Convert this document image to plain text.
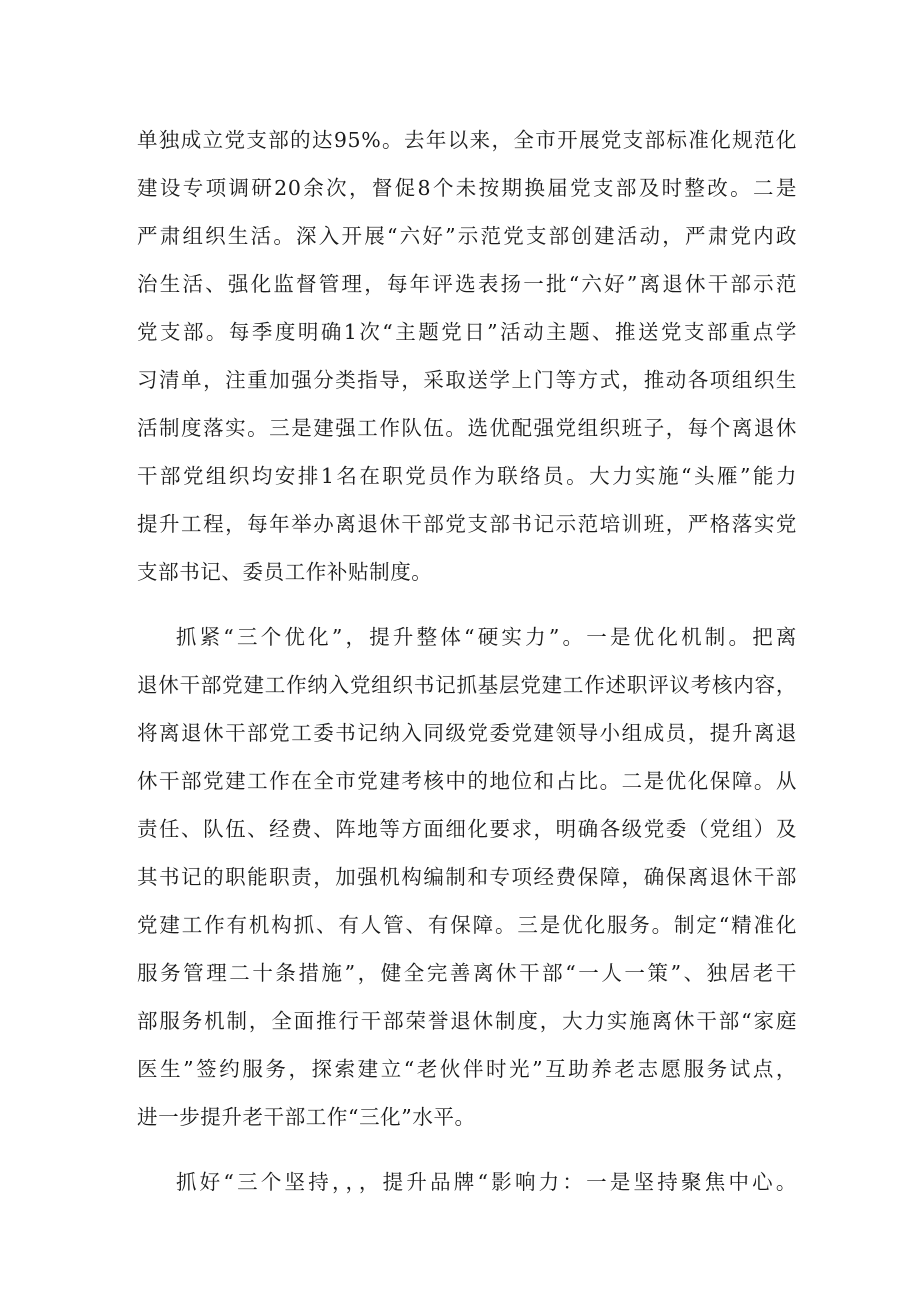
单独成立党支部的达95%。去年以来，全市开展党支部标准化规范化
建设专项调研20余次，督促8个未按期换届党支部及时整改。二是
严肃组织生活。深入开展“六好”示范党支部创建活动，严肃党内政
治生活、强化监督管理，每年评选表扬一批“六好”离退休干部示范
党支部。每季度明确1次“主题党日”活动主题、推送党支部重点学
习清单，注重加强分类指导，采取送学上门等方式，推动各项组织生
活制度落实。三是建强工作队伍。选优配强党组织班子，每个离退休
干部党组织均安排1名在职党员作为联络员。大力实施“头雁”能力
提升工程，每年举办离退休干部党支部书记示范培训班，严格落实党
支部书记、委员工作补贴制度。
抓紧“三个优化”，提升整体“硬实力”。一是优化机制。把离
退休干部党建工作纳入党组织书记抓基层党建工作述职评议考核内容，
将离退休干部党工委书记纳入同级党委党建领导小组成员，提升离退
休干部党建工作在全市党建考核中的地位和占比。二是优化保障。从
责任、队伍、经费、阵地等方面细化要求，明确各级党委（党组）及
其书记的职能职责，加强机构编制和专项经费保障，确保离退休干部
党建工作有机构抓、有人管、有保障。三是优化服务。制定“精准化
服务管理二十条措施”，健全完善离休干部“一人一策”、独居老干
部服务机制，全面推行干部荣誉退休制度，大力实施离休干部“家庭
医生”签约服务，探索建立“老伙伴时光”互助养老志愿服务试点，
进一步提升老干部工作“三化”水平。
抓好“三个坚持，，，提升品牌“影响力：一是坚持聚焦中心。
